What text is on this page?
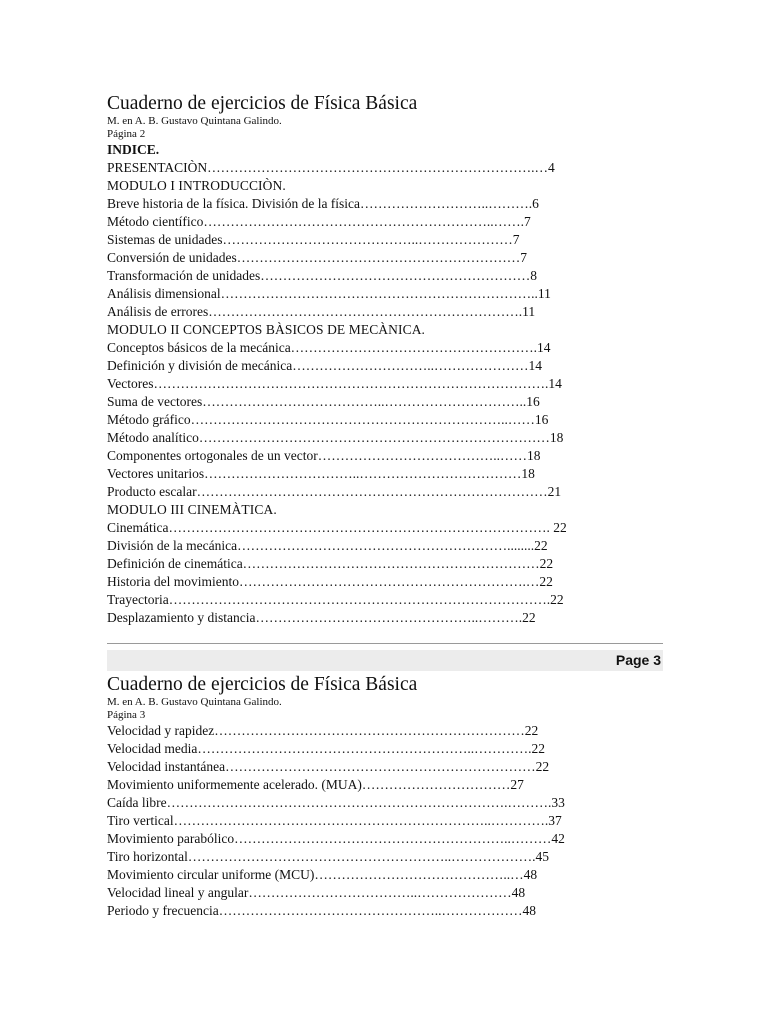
Cuaderno de ejercicios de Física Básica
M. en A. B. Gustavo Quintana Galindo.
Página 2
INDICE.
PRESENTACIÒN……………………………………………………………….…4
MODULO I INTRODUCCIÒN.
Breve historia de la física. División de la física………………………..……….6
Método científico………………………………………………………..…….7
Sistemas de unidades……………………………………..…………………7
Conversión de unidades………………………………………………………7
Transformación de unidades……………………………………………………8
Análisis dimensional……………………………………………………………..11
Análisis de errores…………………………………………………………….11
MODULO II CONCEPTOS BÀSICOS DE MECÀNICA.
Conceptos básicos de la mecánica……………………………………………….14
Definición y división de mecánica…………………………..…………………14
Vectores…………………………………………………………………………….14
Suma de vectores…………………………………..…………………………..16
Método gráfico……………………………………………………………..……16
Método analítico……………………………………………………………………18
Componentes ortogonales de un vector…………………………………..……18
Vectores unitarios……………………………..………………………………18
Producto escalar……………………………………………………………………21
MODULO III CINEMÀTICA.
Cinemática…………………………………………………………………………. 22
División de la mecánica……………………………………………………........22
Definición de cinemática…………………………………………………………22
Historia del movimiento……………………………………………………….…22
Trayectoria………………………………………………………………………….22
Desplazamiento y distancia…………………………………………..……….22
Page 3
Cuaderno de ejercicios de Física Básica
M. en A. B. Gustavo Quintana Galindo.
Página 3
Velocidad y rapidez……………………………………………………………22
Velocidad media……………………………………………………..………….22
Velocidad instantánea……………………………………………………………22
Movimiento uniformemente acelerado. (MUA)……………………………27
Caída libre………………………………………………………………….……….33
Tiro vertical……………………………………………………………..………….37
Movimiento parabólico……………………………………………………..………42
Tiro horizontal…………………………………………………..……………….45
Movimiento circular uniforme (MCU)……………………………………..…48
Velocidad lineal y angular………………………………..…………………48
Periodo y frecuencia…………………………………………..………………48
